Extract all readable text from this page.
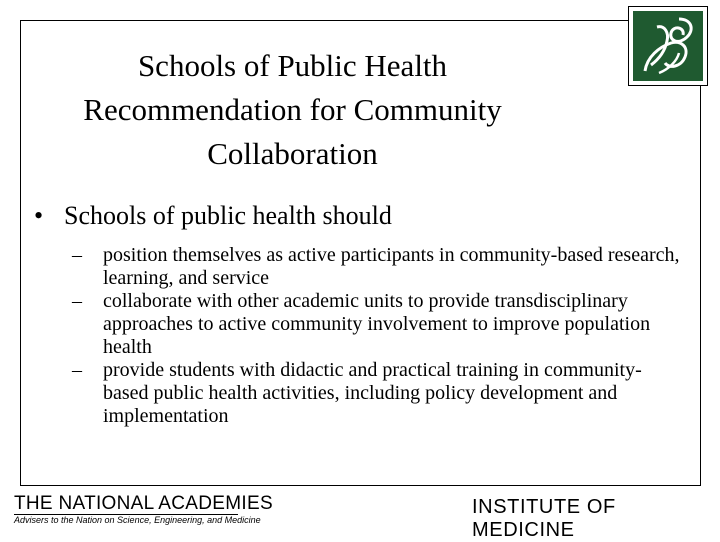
Schools of Public Health
Recommendation for Community
Collaboration
• Schools of public health should
– position themselves as active participants in community-based research, learning, and service
– collaborate with other academic units to provide transdisciplinary approaches to active community involvement to improve population health
– provide students with didactic and practical training in community-based public health activities, including policy development and implementation
THE NATIONAL ACADEMIES
Advisers to the Nation on Science, Engineering, and Medicine
INSTITUTE OF MEDICINE
